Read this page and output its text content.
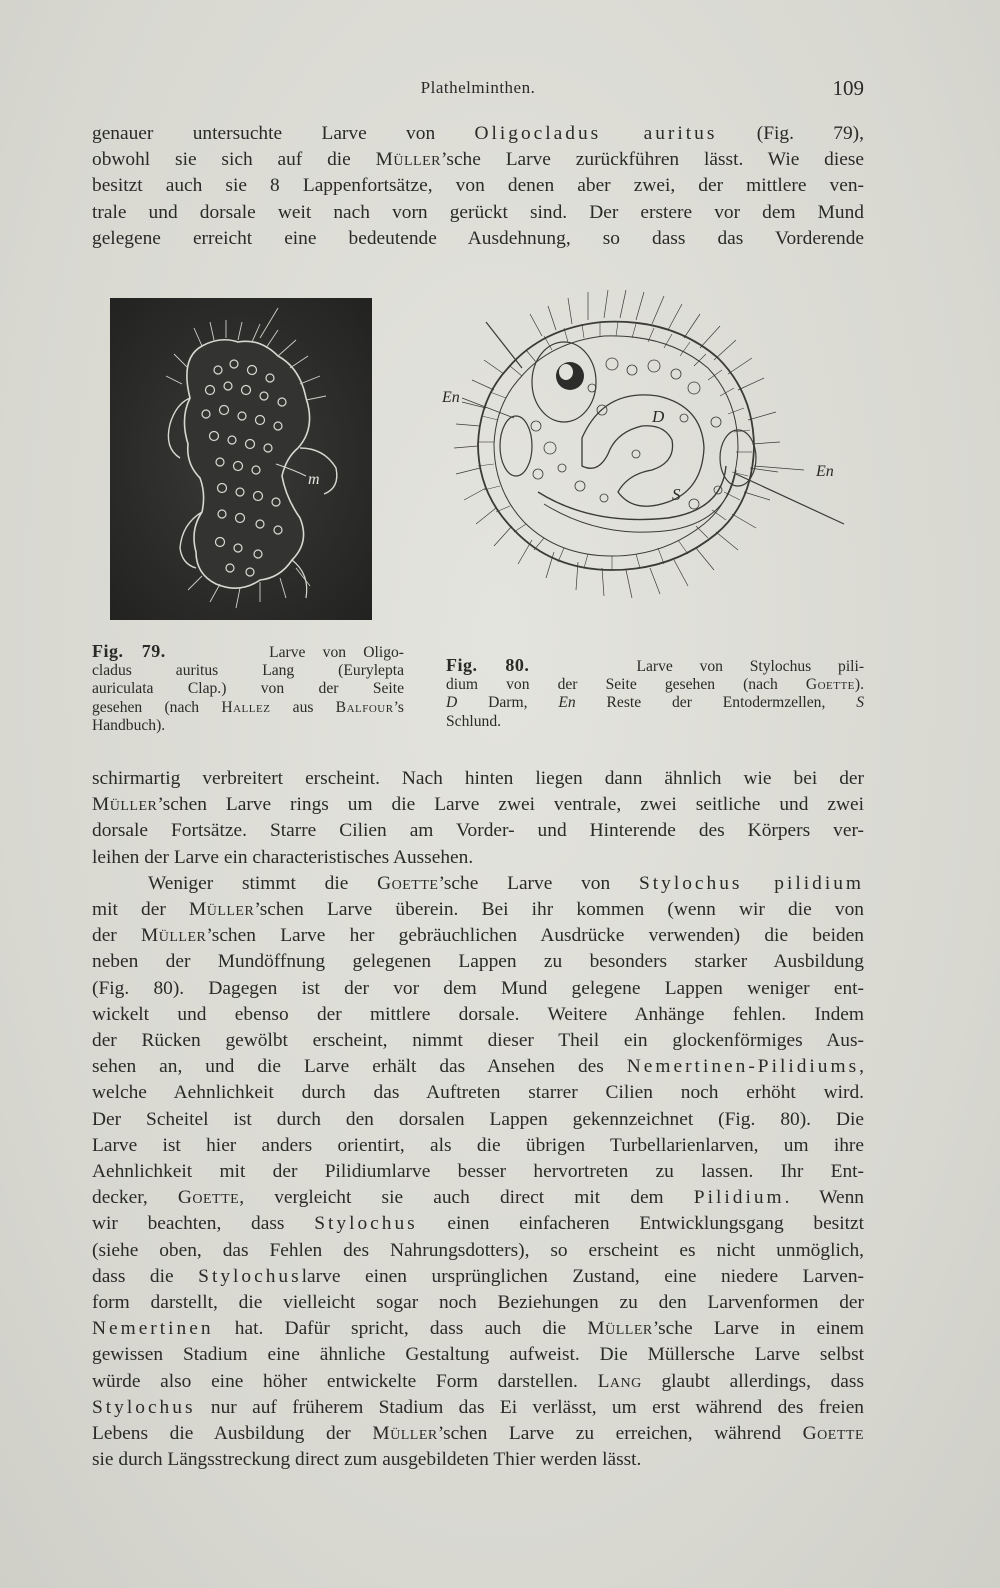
Plathelminthen.	109
genauer untersuchte Larve von Oligocladus auritus (Fig. 79),
obwohl sie sich auf die Müller’sche Larve zurückführen lässt. Wie diese
besitzt auch sie 8 Lappenfortsätze, von denen aber zwei, der mittlere ven-
trale und dorsale weit nach vorn gerückt sind. Der erstere vor dem Mund
gelegene erreicht eine bedeutende Ausdehnung, so dass das Vorderende
m
Fig. 79.	Larve von Oligo-
cladus auritus Lang (Eurylepta
auriculata Clap.) von der Seite
gesehen (nach Hallez aus Balfour’s
Handbuch).
En
En
D
S
Fig. 80.	Larve von Stylochus pili-
dium von der Seite gesehen (nach Goette).
D Darm, En Reste der Entodermzellen, S
Schlund.
schirmartig verbreitert erscheint. Nach hinten liegen dann ähnlich wie bei der
Müller’schen Larve rings um die Larve zwei ventrale, zwei seitliche und zwei
dorsale Fortsätze. Starre Cilien am Vorder- und Hinterende des Körpers ver-
leihen der Larve ein characteristisches Aussehen.
Weniger stimmt die Goette’sche Larve von Stylochus pilidium
mit der Müller’schen Larve überein. Bei ihr kommen (wenn wir die von
der Müller’schen Larve her gebräuchlichen Ausdrücke verwenden) die beiden
neben der Mundöffnung gelegenen Lappen zu besonders starker Ausbildung
(Fig. 80). Dagegen ist der vor dem Mund gelegene Lappen weniger ent-
wickelt und ebenso der mittlere dorsale. Weitere Anhänge fehlen. Indem
der Rücken gewölbt erscheint, nimmt dieser Theil ein glockenförmiges Aus-
sehen an, und die Larve erhält das Ansehen des Nemertinen-Pilidiums,
welche Aehnlichkeit durch das Auftreten starrer Cilien noch erhöht wird.
Der Scheitel ist durch den dorsalen Lappen gekennzeichnet (Fig. 80). Die
Larve ist hier anders orientirt, als die übrigen Turbellarienlarven, um ihre
Aehnlichkeit mit der Pilidiumlarve besser hervortreten zu lassen. Ihr Ent-
decker, Goette, vergleicht sie auch direct mit dem Pilidium. Wenn
wir beachten, dass Stylochus einen einfacheren Entwicklungsgang besitzt
(siehe oben, das Fehlen des Nahrungsdotters), so erscheint es nicht unmöglich,
dass die Stylochuslarve einen ursprünglichen Zustand, eine niedere Larven-
form darstellt, die vielleicht sogar noch Beziehungen zu den Larvenformen der
Nemertinen hat. Dafür spricht, dass auch die Müller’sche Larve in einem
gewissen Stadium eine ähnliche Gestaltung aufweist. Die Müllersche Larve selbst
würde also eine höher entwickelte Form darstellen. Lang glaubt allerdings, dass
Stylochus nur auf früherem Stadium das Ei verlässt, um erst während des freien
Lebens die Ausbildung der Müller’schen Larve zu erreichen, während Goette
sie durch Längsstreckung direct zum ausgebildeten Thier werden lässt.
